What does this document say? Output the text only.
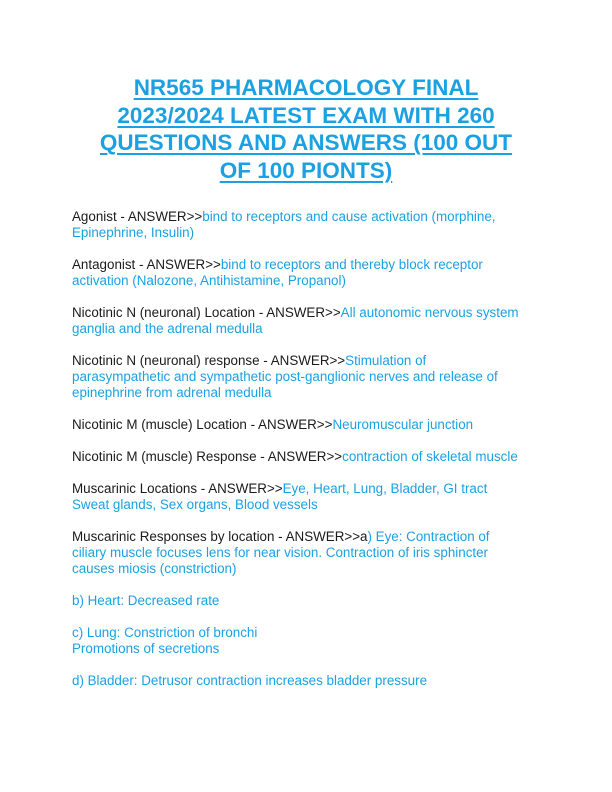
NR565 PHARMACOLOGY FINAL
2023/2024 LATEST EXAM WITH 260
QUESTIONS AND ANSWERS (100 OUT
OF 100 PIONTS)

Agonist - ANSWER>>bind to receptors and cause activation (morphine,
Epinephrine, Insulin)

Antagonist - ANSWER>>bind to receptors and thereby block receptor
activation (Nalozone, Antihistamine, Propanol)

Nicotinic N (neuronal) Location - ANSWER>>All autonomic nervous system
ganglia and the adrenal medulla

Nicotinic N (neuronal) response - ANSWER>>Stimulation of
parasympathetic and sympathetic post-ganglionic nerves and release of
epinephrine from adrenal medulla

Nicotinic M (muscle) Location - ANSWER>>Neuromuscular junction

Nicotinic M (muscle) Response - ANSWER>>contraction of skeletal muscle

Muscarinic Locations - ANSWER>>Eye, Heart, Lung, Bladder, GI tract
Sweat glands, Sex organs, Blood vessels

Muscarinic Responses by location - ANSWER>>a) Eye: Contraction of
ciliary muscle focuses lens for near vision. Contraction of iris sphincter
causes miosis (constriction)

b) Heart: Decreased rate

c) Lung: Constriction of bronchi
Promotions of secretions

d) Bladder: Detrusor contraction increases bladder pressure
